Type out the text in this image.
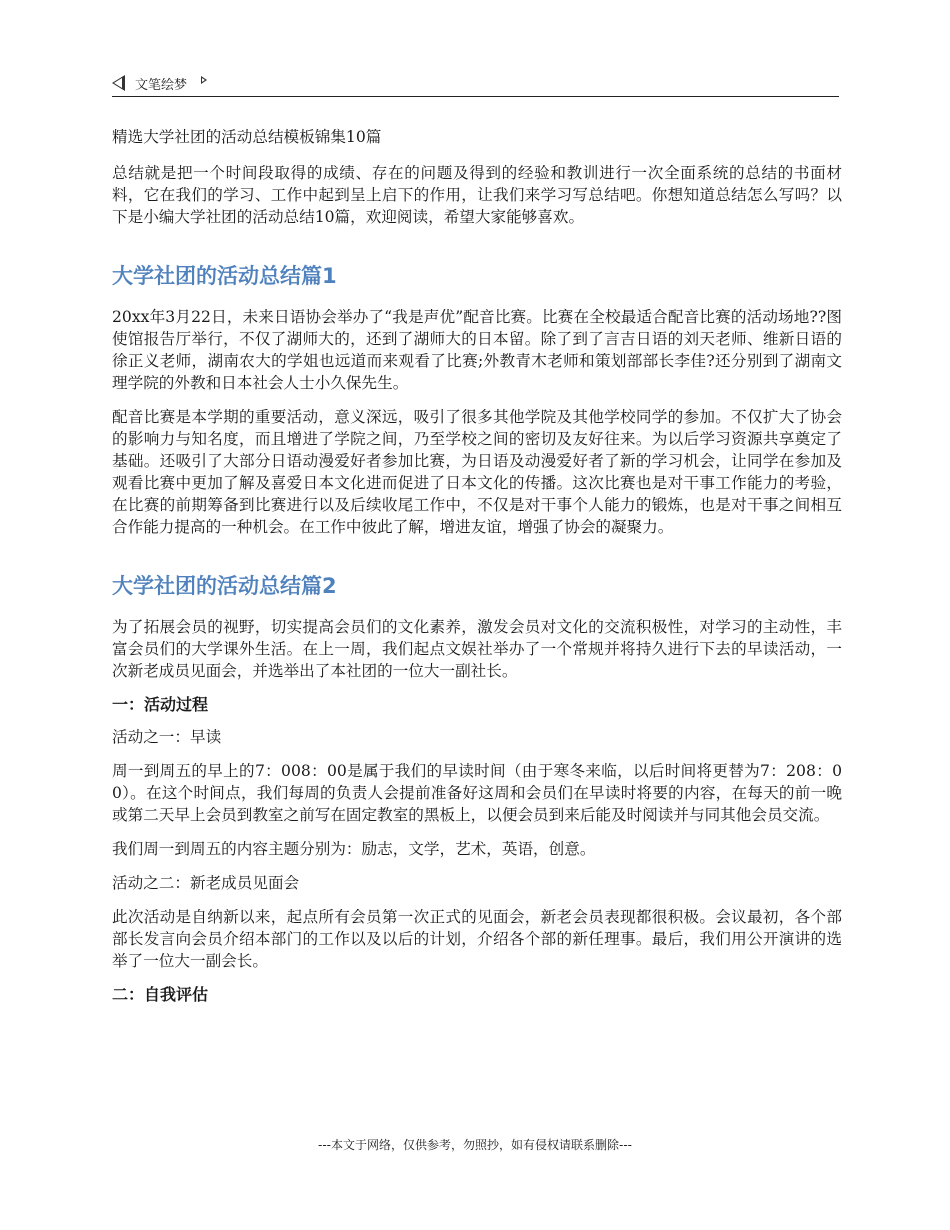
文笔绘梦

精选大学社团的活动总结模板锦集10篇

总结就是把一个时间段取得的成绩、存在的问题及得到的经验和教训进行一次全面系统的总结的书面材料，它在我们的学习、工作中起到呈上启下的作用，让我们来学习写总结吧。你想知道总结怎么写吗？以下是小编大学社团的活动总结10篇，欢迎阅读，希望大家能够喜欢。

大学社团的活动总结篇1

20xx年3月22日，未来日语协会举办了“我是声优”配音比赛。比赛在全校最适合配音比赛的活动场地??图使馆报告厅举行，不仅了湖师大的，还到了湖师大的日本留。除了到了言吉日语的刘天老师、维新日语的徐正义老师，湖南农大的学姐也远道而来观看了比赛;外教青木老师和策划部部长李佳?还分别到了湖南文理学院的外教和日本社会人士小久保先生。

配音比赛是本学期的重要活动，意义深远，吸引了很多其他学院及其他学校同学的参加。不仅扩大了协会的影响力与知名度，而且增进了学院之间，乃至学校之间的密切及友好往来。为以后学习资源共享奠定了基础。还吸引了大部分日语动漫爱好者参加比赛，为日语及动漫爱好者了新的学习机会，让同学在参加及观看比赛中更加了解及喜爱日本文化进而促进了日本文化的传播。这次比赛也是对干事工作能力的考验，在比赛的前期筹备到比赛进行以及后续收尾工作中，不仅是对干事个人能力的锻炼，也是对干事之间相互合作能力提高的一种机会。在工作中彼此了解，增进友谊，增强了协会的凝聚力。

大学社团的活动总结篇2

为了拓展会员的视野，切实提高会员们的文化素养，激发会员对文化的交流积极性，对学习的主动性，丰富会员们的大学课外生活。在上一周，我们起点文娱社举办了一个常规并将持久进行下去的早读活动，一次新老成员见面会，并选举出了本社团的一位大一副社长。

一：活动过程

活动之一：早读

周一到周五的早上的7：008：00是属于我们的早读时间（由于寒冬来临，以后时间将更替为7：208：00）。在这个时间点，我们每周的负责人会提前准备好这周和会员们在早读时将要的内容，在每天的前一晚或第二天早上会员到教室之前写在固定教室的黑板上，以便会员到来后能及时阅读并与同其他会员交流。

我们周一到周五的内容主题分别为：励志，文学，艺术，英语，创意。

活动之二：新老成员见面会

此次活动是自纳新以来，起点所有会员第一次正式的见面会，新老会员表现都很积极。会议最初，各个部部长发言向会员介绍本部门的工作以及以后的计划，介绍各个部的新任理事。最后，我们用公开演讲的选举了一位大一副会长。

二：自我评估
---本文于网络，仅供参考，勿照抄，如有侵权请联系删除---
